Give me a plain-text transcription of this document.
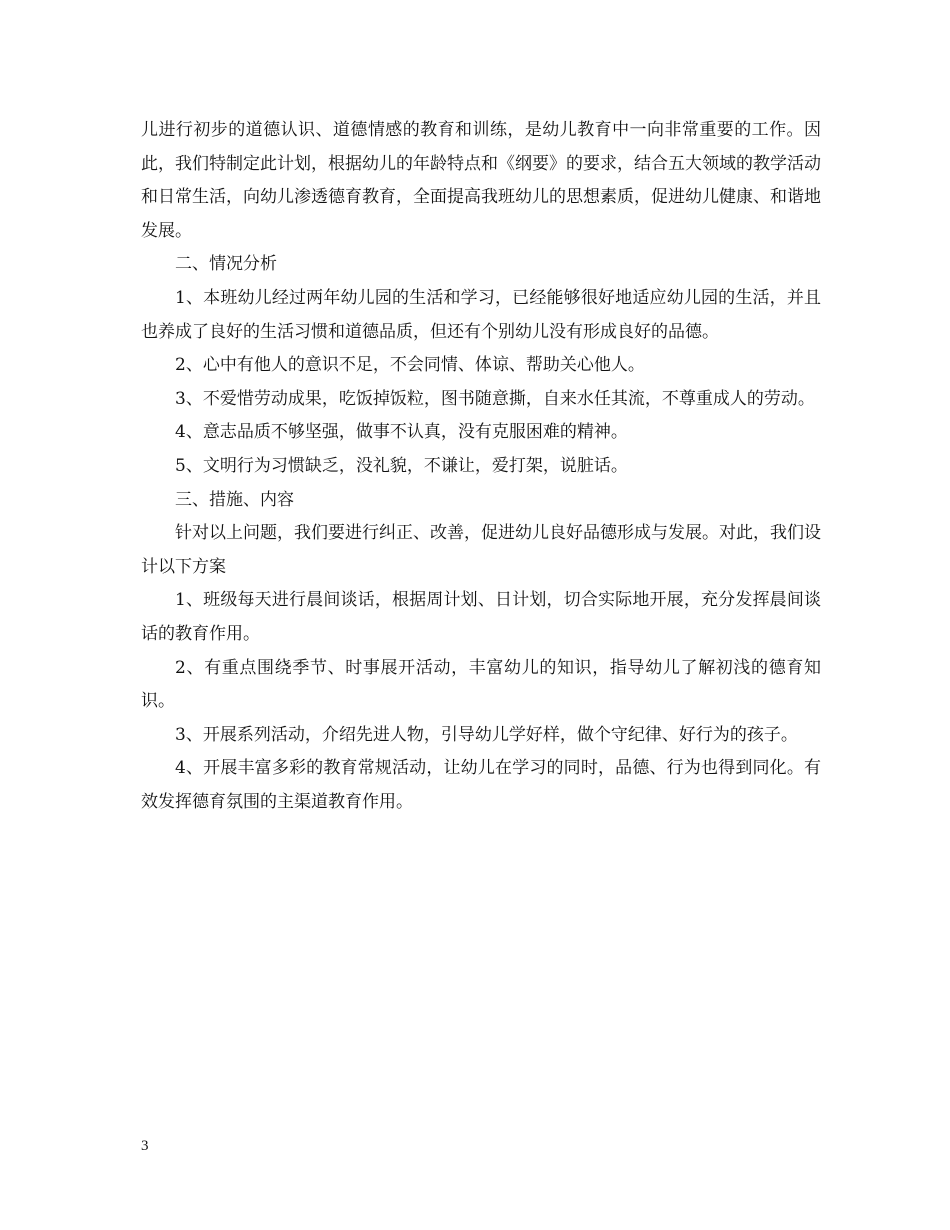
儿进行初步的道德认识、道德情感的教育和训练，是幼儿教育中一向非常重要的工作。因此，我们特制定此计划，根据幼儿的年龄特点和《纲要》的要求，结合五大领域的教学活动和日常生活，向幼儿渗透德育教育，全面提高我班幼儿的思想素质，促进幼儿健康、和谐地发展。

二、情况分析

1、本班幼儿经过两年幼儿园的生活和学习，已经能够很好地适应幼儿园的生活，并且也养成了良好的生活习惯和道德品质，但还有个别幼儿没有形成良好的品德。

2、心中有他人的意识不足，不会同情、体谅、帮助关心他人。

3、不爱惜劳动成果，吃饭掉饭粒，图书随意撕，自来水任其流，不尊重成人的劳动。

4、意志品质不够坚强，做事不认真，没有克服困难的精神。

5、文明行为习惯缺乏，没礼貌，不谦让，爱打架，说脏话。

三、措施、内容

针对以上问题，我们要进行纠正、改善，促进幼儿良好品德形成与发展。对此，我们设计以下方案

1、班级每天进行晨间谈话，根据周计划、日计划，切合实际地开展，充分发挥晨间谈话的教育作用。

2、有重点围绕季节、时事展开活动，丰富幼儿的知识，指导幼儿了解初浅的德育知识。

3、开展系列活动，介绍先进人物，引导幼儿学好样，做个守纪律、好行为的孩子。

4、开展丰富多彩的教育常规活动，让幼儿在学习的同时，品德、行为也得到同化。有效发挥德育氛围的主渠道教育作用。

3
